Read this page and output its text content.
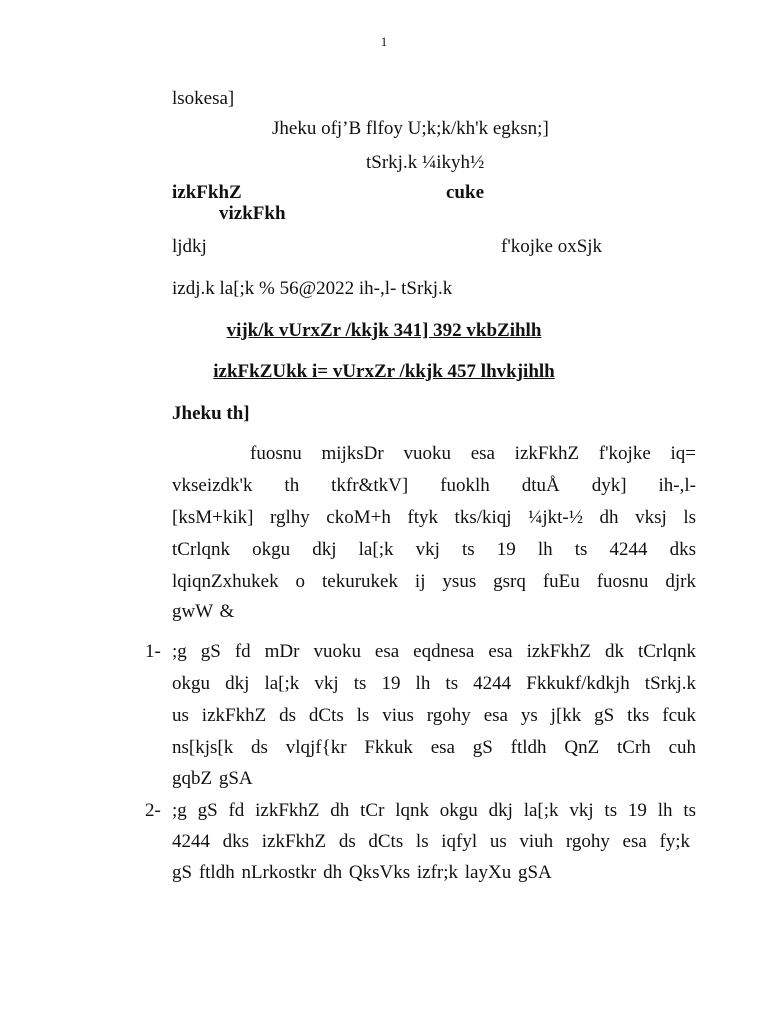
1
lsokesa]
Jheku ofj’B flfoy U;k;k/kh'k egksn;]
tSrkj.k ¼ikyh½
izkFkhZ	cuke
vizkFkh
ljdkj	f'kojke oxSjk
izdj.k la[;k % 56@2022 ih-,l- tSrkj.k
vijk/k vUrxZr /kkjk 341] 392 vkbZihlh
izkFkZUkk i= vUrxZr /kkjk 457 lhvkjihlh
Jheku th]
fuosnu mijksDr vuoku esa izkFkhZ f'kojke iq=
vkseizdk'k th tkfr&tkV] fuoklh dtuÅ dyk] ih-,l-
[ksM+kik] rglhy ckoM+h ftyk tks/kiqj ¼jkt-½ dh vksj ls
tCrlqnk okgu dkj la[;k vkj ts 19 lh ts 4244 dks
lqiqnZxhukek o tekurukek ij ysus gsrq fuEu fuosnu djrk
gwW &
1- ;g gS fd mDr vuoku esa eqdnesa esa izkFkhZ dk tCrlqnk
okgu dkj la[;k vkj ts 19 lh ts 4244 Fkkukf/kdkjh tSrkj.k
us izkFkhZ ds dCts ls vius rgohy esa ys j[kk gS tks fcuk
ns[kjs[k ds vlqjf{kr Fkkuk esa gS ftldh QnZ tCrh cuh
gqbZ gSA
2- ;g gS fd izkFkhZ dh tCr lqnk okgu dkj la[;k vkj ts 19 lh ts
4244 dks izkFkhZ ds dCts ls iqfyl us viuh rgohy esa fy;k
gS ftldh nLrkostkr dh QksVks izfr;k layXu gSA
